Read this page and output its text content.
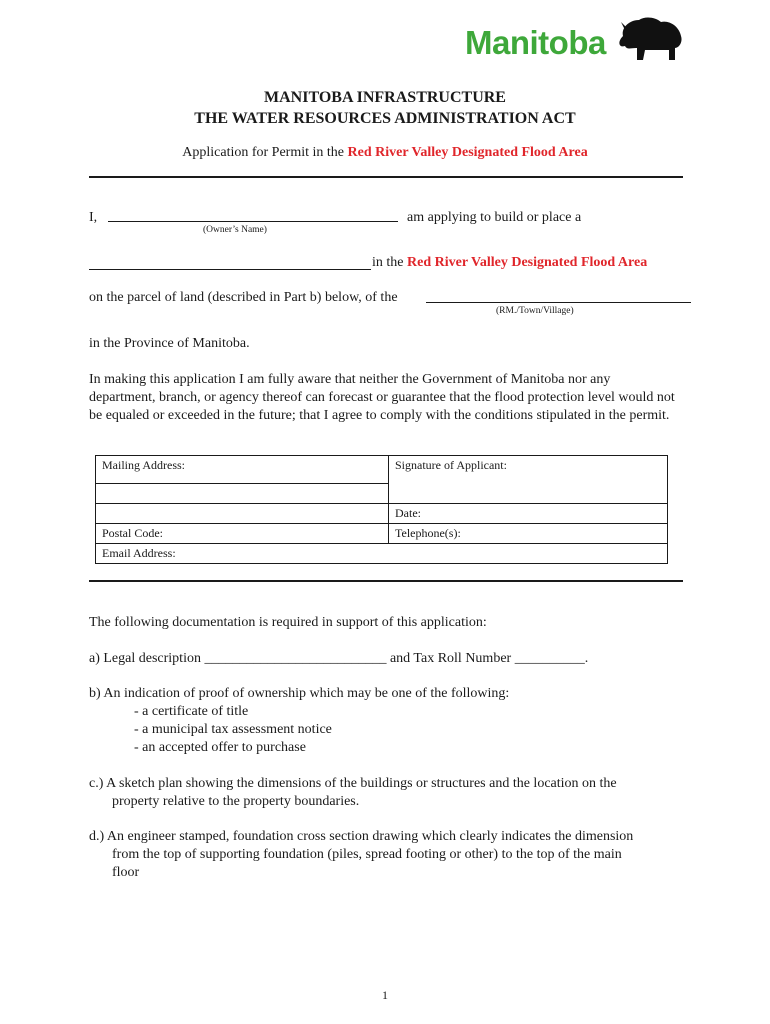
Manitoba
MANITOBA INFRASTRUCTURE
THE WATER RESOURCES ADMINISTRATION ACT
Application for Permit in the Red River Valley Designated Flood Area
I,	am applying to build or place a
(Owner’s Name)
in the Red River Valley Designated Flood Area
on the parcel of land (described in Part b) below, of the
(RM./Town/Village)
in the Province of Manitoba.
In making this application I am fully aware that neither the Government of Manitoba nor any department, branch, or agency thereof can forecast or guarantee that the flood protection level would not be equaled or exceeded in the future; that I agree to comply with the conditions stipulated in the permit.
Mailing Address:	Signature of Applicant:

	Date:
Postal Code:	Telephone(s):
Email Address:	
The following documentation is required in support of this application:
a) Legal description __________________________ and Tax Roll Number __________.
b) An indication of proof of ownership which may be one of the following:
- a certificate of title
- a municipal tax assessment notice
- an accepted offer to purchase
c.) A sketch plan showing the dimensions of the buildings or structures and the location on the
property relative to the property boundaries.
d.) An engineer stamped, foundation cross section drawing which clearly indicates the dimension
from the top of supporting foundation (piles, spread footing or other) to the top of the main
floor
1
